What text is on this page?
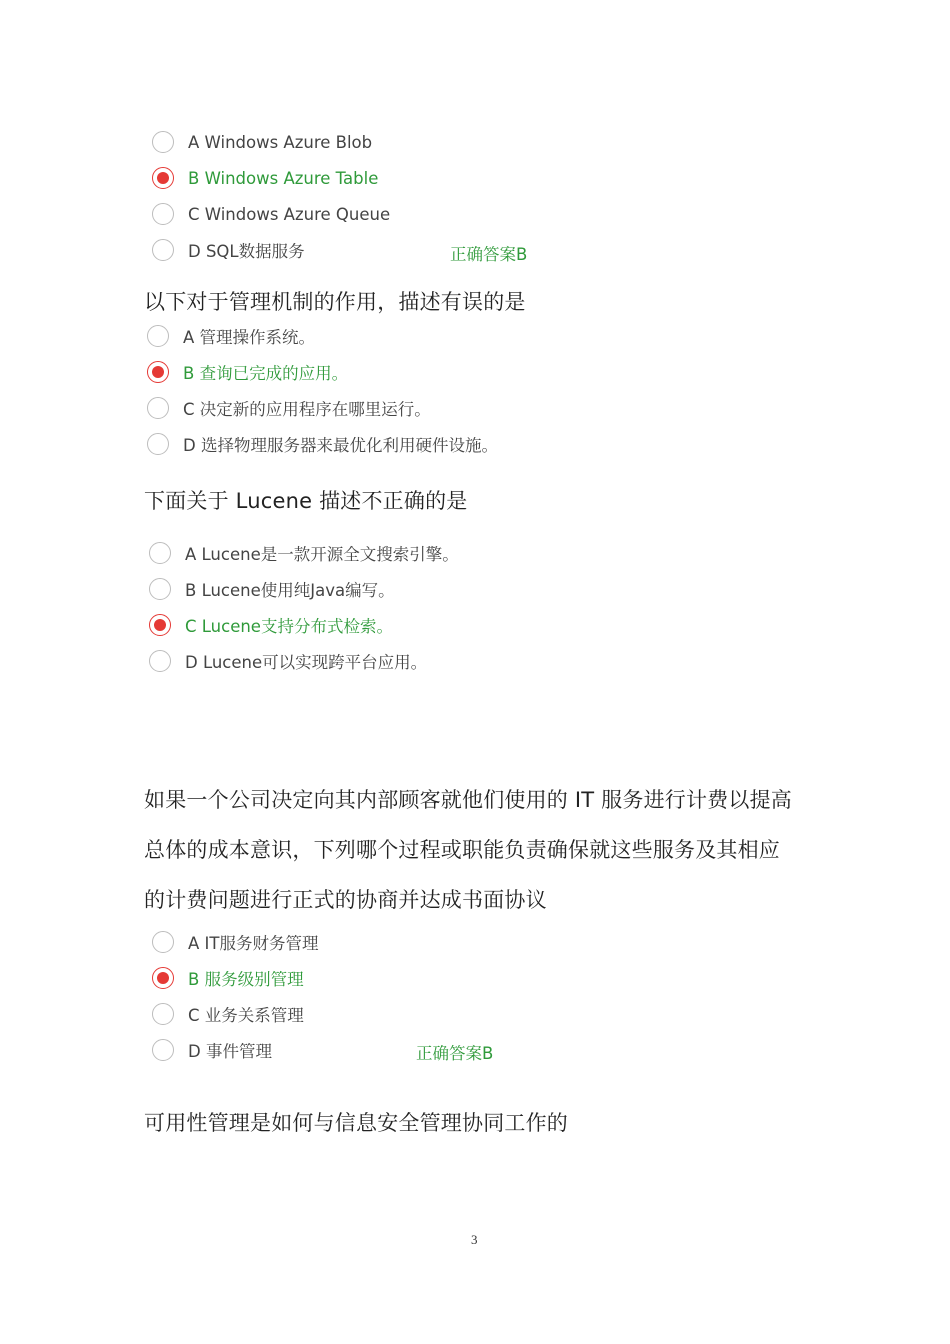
A Windows Azure Blob
B Windows Azure Table
C Windows Azure Queue
D SQL数据服务	正确答案B
以下对于管理机制的作用，描述有误的是
A 管理操作系统。
B 查询已完成的应用。
C 决定新的应用程序在哪里运行。
D 选择物理服务器来最优化利用硬件设施。
下面关于 Lucene 描述不正确的是
A Lucene是一款开源全文搜索引擎。
B Lucene使用纯Java编写。
C Lucene支持分布式检索。
D Lucene可以实现跨平台应用。
如果一个公司决定向其内部顾客就他们使用的 IT 服务进行计费以提高
总体的成本意识，下列哪个过程或职能负责确保就这些服务及其相应
的计费问题进行正式的协商并达成书面协议
A IT服务财务管理
B 服务级别管理
C 业务关系管理
D 事件管理	正确答案B
可用性管理是如何与信息安全管理协同工作的
3
